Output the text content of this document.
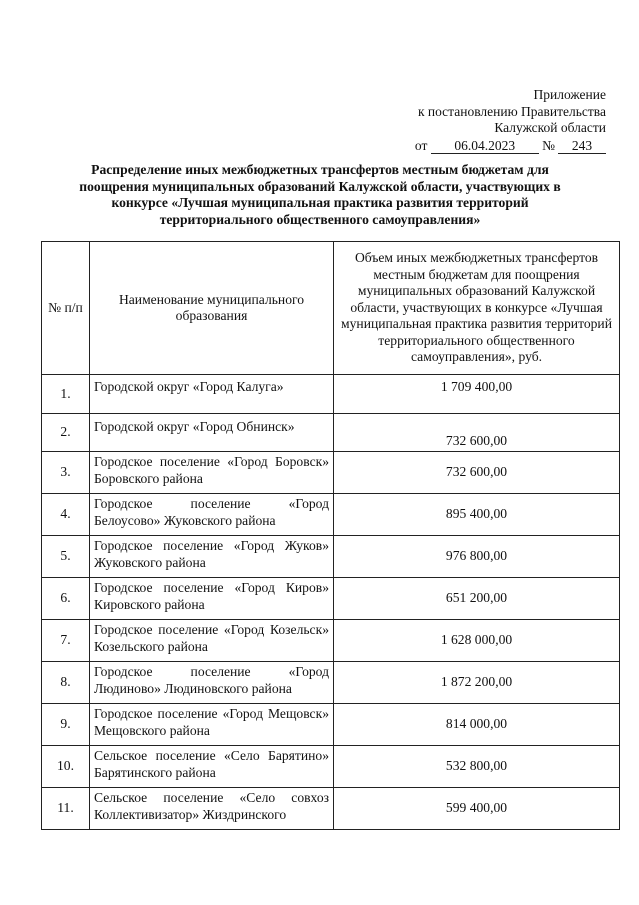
Приложение
к постановлению Правительства
Калужской области
от 06.04.2023 № 243
Распределение иных межбюджетных трансфертов местным бюджетам для поощрения муниципальных образований Калужской области, участвующих в конкурсе «Лучшая муниципальная практика развития территорий территориального общественного самоуправления»
№ п/п	Наименование муниципального образования	Объем иных межбюджетных трансфертов местным бюджетам для поощрения муниципальных образований Калужской области, участвующих в конкурсе «Лучшая муниципальная практика развития территорий территориального общественного самоуправления», руб.
1.	Городской округ «Город Калуга»	1 709 400,00
2.	Городской округ «Город Обнинск»	732 600,00
3.	Городское поселение «Город Боровск» Боровского района	732 600,00
4.	Городское поселение «Город Белоусово» Жуковского района	895 400,00
5.	Городское поселение «Город Жуков» Жуковского района	976 800,00
6.	Городское поселение «Город Киров» Кировского района	651 200,00
7.	Городское поселение «Город Козельск» Козельского района	1 628 000,00
8.	Городское поселение «Город Людиново» Людиновского района	1 872 200,00
9.	Городское поселение «Город Мещовск» Мещовского района	814 000,00
10.	Сельское поселение «Село Барятино» Барятинского района	532 800,00
11.	Сельское поселение «Село совхоз Коллективизатор» Жиздринского	599 400,00
